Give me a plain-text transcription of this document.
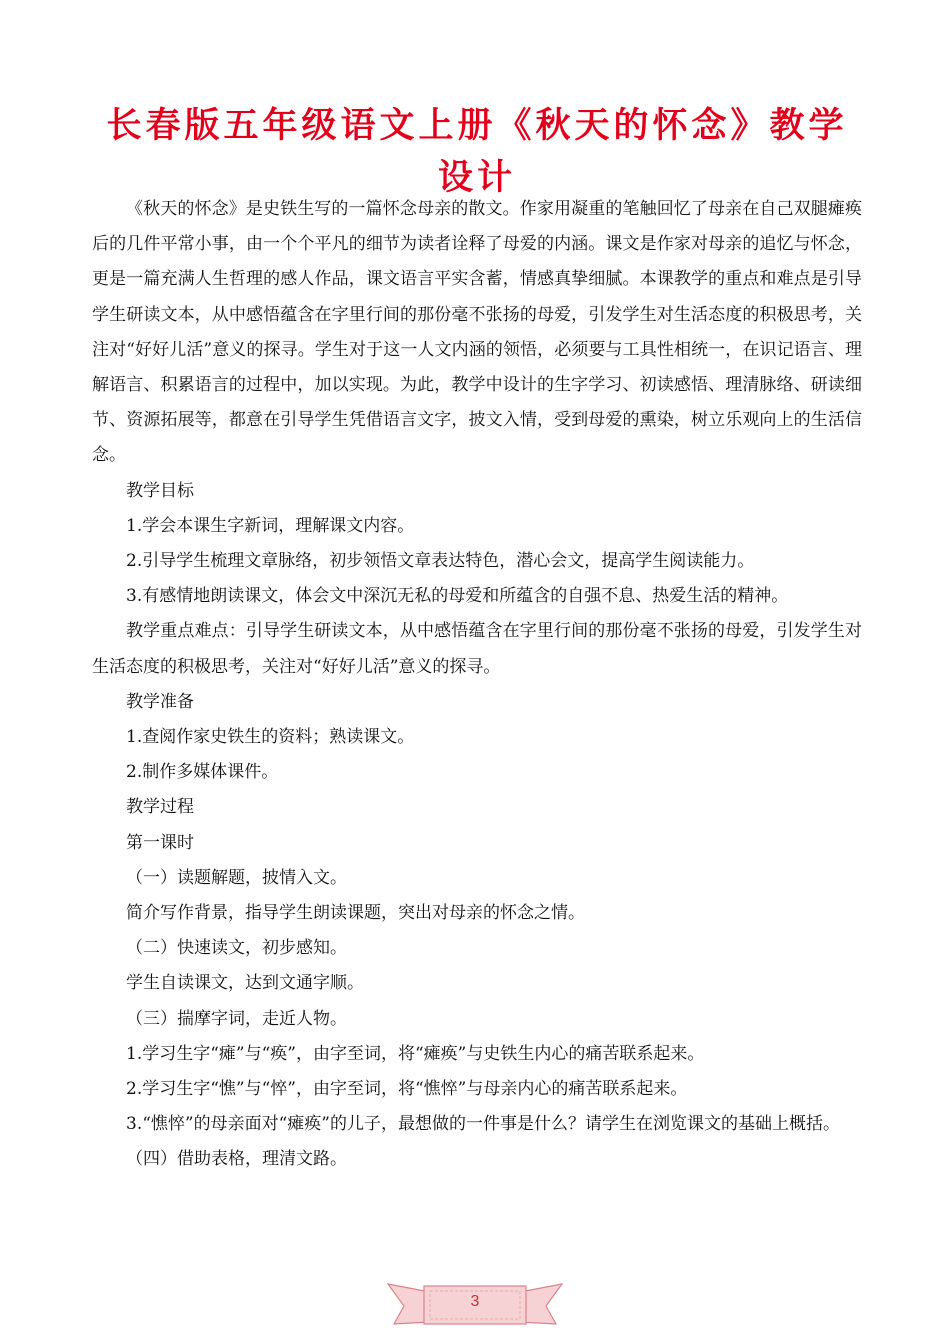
长春版五年级语文上册《秋天的怀念》教学设计

《秋天的怀念》是史铁生写的一篇怀念母亲的散文。作家用凝重的笔触回忆了母亲在自己双腿瘫痪后的几件平常小事，由一个个平凡的细节为读者诠释了母爱的内涵。课文是作家对母亲的追忆与怀念，更是一篇充满人生哲理的感人作品，课文语言平实含蓄，情感真挚细腻。本课教学的重点和难点是引导学生研读文本，从中感悟蕴含在字里行间的那份毫不张扬的母爱，引发学生对生活态度的积极思考，关注对“好好儿活”意义的探寻。学生对于这一人文内涵的领悟，必须要与工具性相统一，在识记语言、理解语言、积累语言的过程中，加以实现。为此，教学中设计的生字学习、初读感悟、理清脉络、研读细节、资源拓展等，都意在引导学生凭借语言文字，披文入情，受到母爱的熏染，树立乐观向上的生活信念。

教学目标

1.学会本课生字新词，理解课文内容。

2.引导学生梳理文章脉络，初步领悟文章表达特色，潜心会文，提高学生阅读能力。

3.有感情地朗读课文，体会文中深沉无私的母爱和所蕴含的自强不息、热爱生活的精神。

教学重点难点：引导学生研读文本，从中感悟蕴含在字里行间的那份毫不张扬的母爱，引发学生对生活态度的积极思考，关注对“好好儿活”意义的探寻。

教学准备

1.查阅作家史铁生的资料；熟读课文。

2.制作多媒体课件。

教学过程

第一课时

（一）读题解题，披情入文。

简介写作背景，指导学生朗读课题，突出对母亲的怀念之情。

（二）快速读文，初步感知。

学生自读课文，达到文通字顺。

（三）揣摩字词，走近人物。

1.学习生字“瘫”与“痪”，由字至词，将“瘫痪”与史铁生内心的痛苦联系起来。

2.学习生字“憔”与“悴”，由字至词，将“憔悴”与母亲内心的痛苦联系起来。

3.“憔悴”的母亲面对“瘫痪”的儿子，最想做的一件事是什么？请学生在浏览课文的基础上概括。

（四）借助表格，理清文路。

3
